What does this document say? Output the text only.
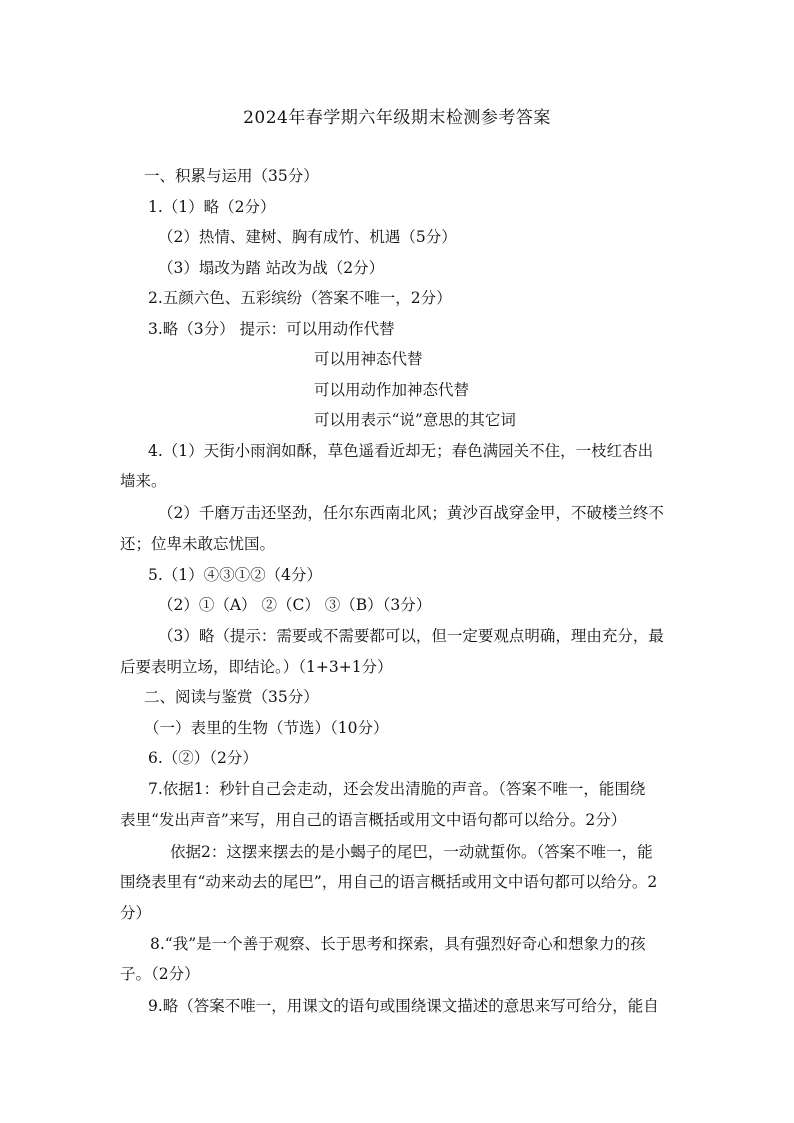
2024年春学期六年级期末检测参考答案
一、积累与运用（35分）
1.（1）略（2分）
（2）热情、建树、胸有成竹、机遇（5分）
（3）塌改为踏 站改为战（2分）
2.五颜六色、五彩缤纷（答案不唯一，2分）
3.略（3分） 提示：可以用动作代替
可以用神态代替
可以用动作加神态代替
可以用表示“说”意思的其它词
4.（1）天街小雨润如酥，草色遥看近却无；春色满园关不住，一枝红杏出
墙来。
（2）千磨万击还坚劲，任尔东西南北风；黄沙百战穿金甲，不破楼兰终不
还；位卑未敢忘忧国。
5.（1）④③①②（4分）
（2）①（A） ②（C） ③（B）（3分）
（3）略（提示：需要或不需要都可以，但一定要观点明确，理由充分，最
后要表明立场，即结论。）（1+3+1分）
二、阅读与鉴赏（35分）
（一）表里的生物（节选）（10分）
6.（②）（2分）
7.依据1：秒针自己会走动，还会发出清脆的声音。（答案不唯一，能围绕
表里“发出声音”来写，用自己的语言概括或用文中语句都可以给分。2分）
依据2：这摆来摆去的是小蝎子的尾巴，一动就蜇你。（答案不唯一，能
围绕表里有“动来动去的尾巴”，用自己的语言概括或用文中语句都可以给分。2
分）
8.“我”是一个善于观察、长于思考和探索，具有强烈好奇心和想象力的孩
子。（2分）
9.略（答案不唯一，用课文的语句或围绕课文描述的意思来写可给分，能自
